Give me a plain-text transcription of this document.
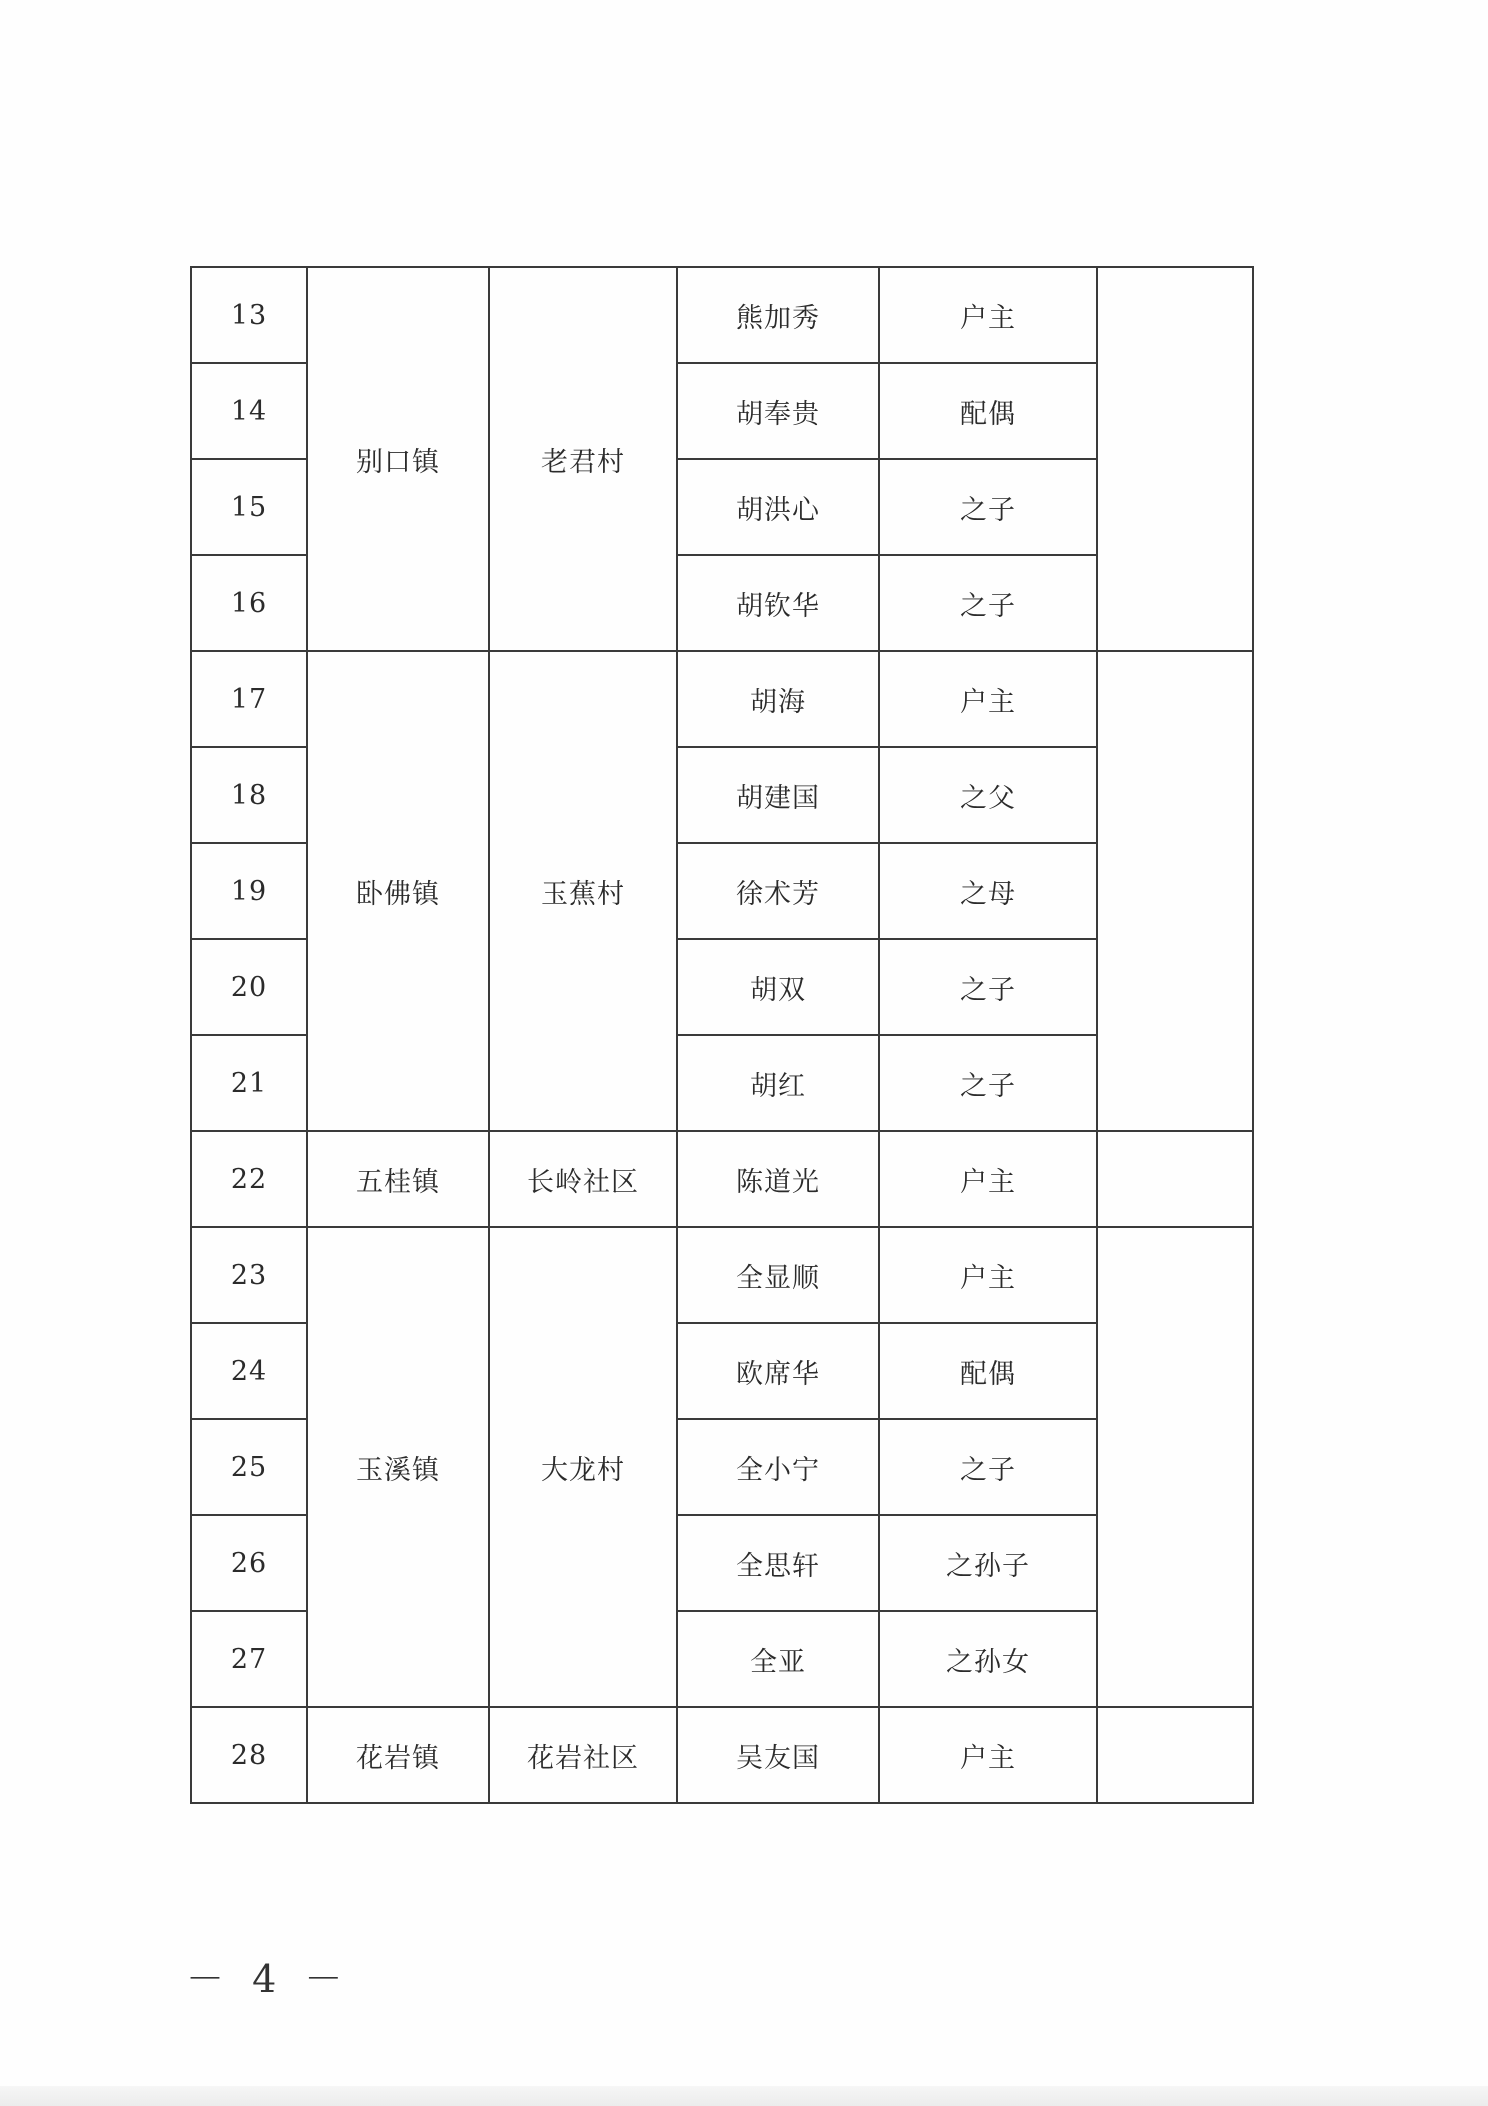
13	别口镇	老君村	熊加秀	户主	
14			胡奉贵	配偶	
15			胡洪心	之子	
16			胡钦华	之子	
17	卧佛镇	玉蕉村	胡海	户主	
18			胡建国	之父	
19			徐术芳	之母	
20			胡双	之子	
21			胡红	之子	
22	五桂镇	长岭社区	陈道光	户主	
23	玉溪镇	大龙村	全显顺	户主	
24			欧席华	配偶	
25			全小宁	之子	
26			全思轩	之孙子	
27			全亚	之孙女	
28	花岩镇	花岩社区	吴友国	户主	
－ 4 －
